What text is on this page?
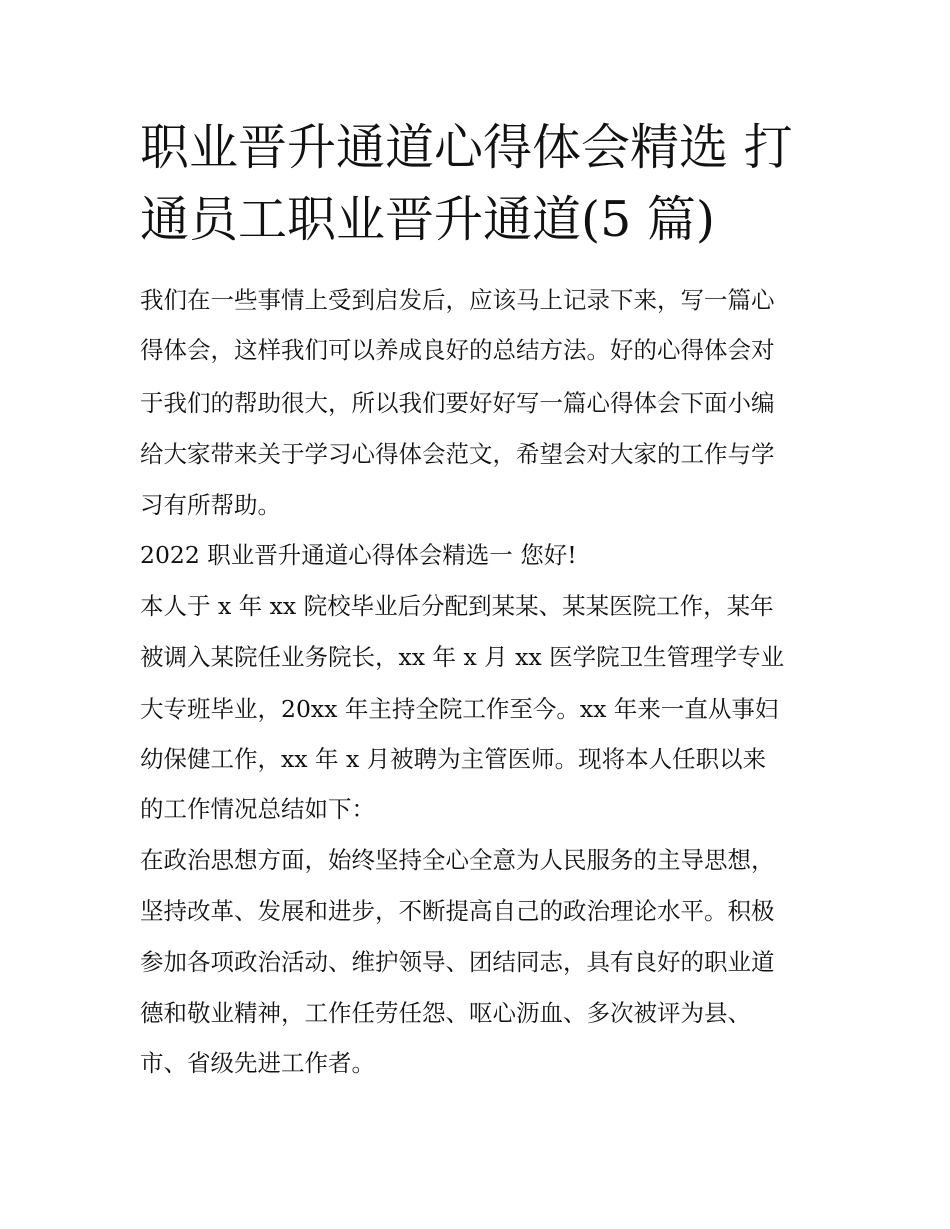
职业晋升通道心得体会精选 打
通员工职业晋升通道(5 篇)

我们在一些事情上受到启发后，应该马上记录下来，写一篇心

得体会，这样我们可以养成良好的总结方法。好的心得体会对

于我们的帮助很大，所以我们要好好写一篇心得体会下面小编

给大家带来关于学习心得体会范文，希望会对大家的工作与学

习有所帮助。

2022 职业晋升通道心得体会精选一 您好!

本人于 x 年 xx 院校毕业后分配到某某、某某医院工作，某年

被调入某院任业务院长，xx 年 x 月 xx 医学院卫生管理学专业

大专班毕业，20xx 年主持全院工作至今。xx 年来一直从事妇

幼保健工作，xx 年 x 月被聘为主管医师。现将本人任职以来

的工作情况总结如下：

在政治思想方面，始终坚持全心全意为人民服务的主导思想，

坚持改革、发展和进步，不断提高自己的政治理论水平。积极

参加各项政治活动、维护领导、团结同志，具有良好的职业道

德和敬业精神，工作任劳任怨、呕心沥血、多次被评为县、

市、省级先进工作者。
